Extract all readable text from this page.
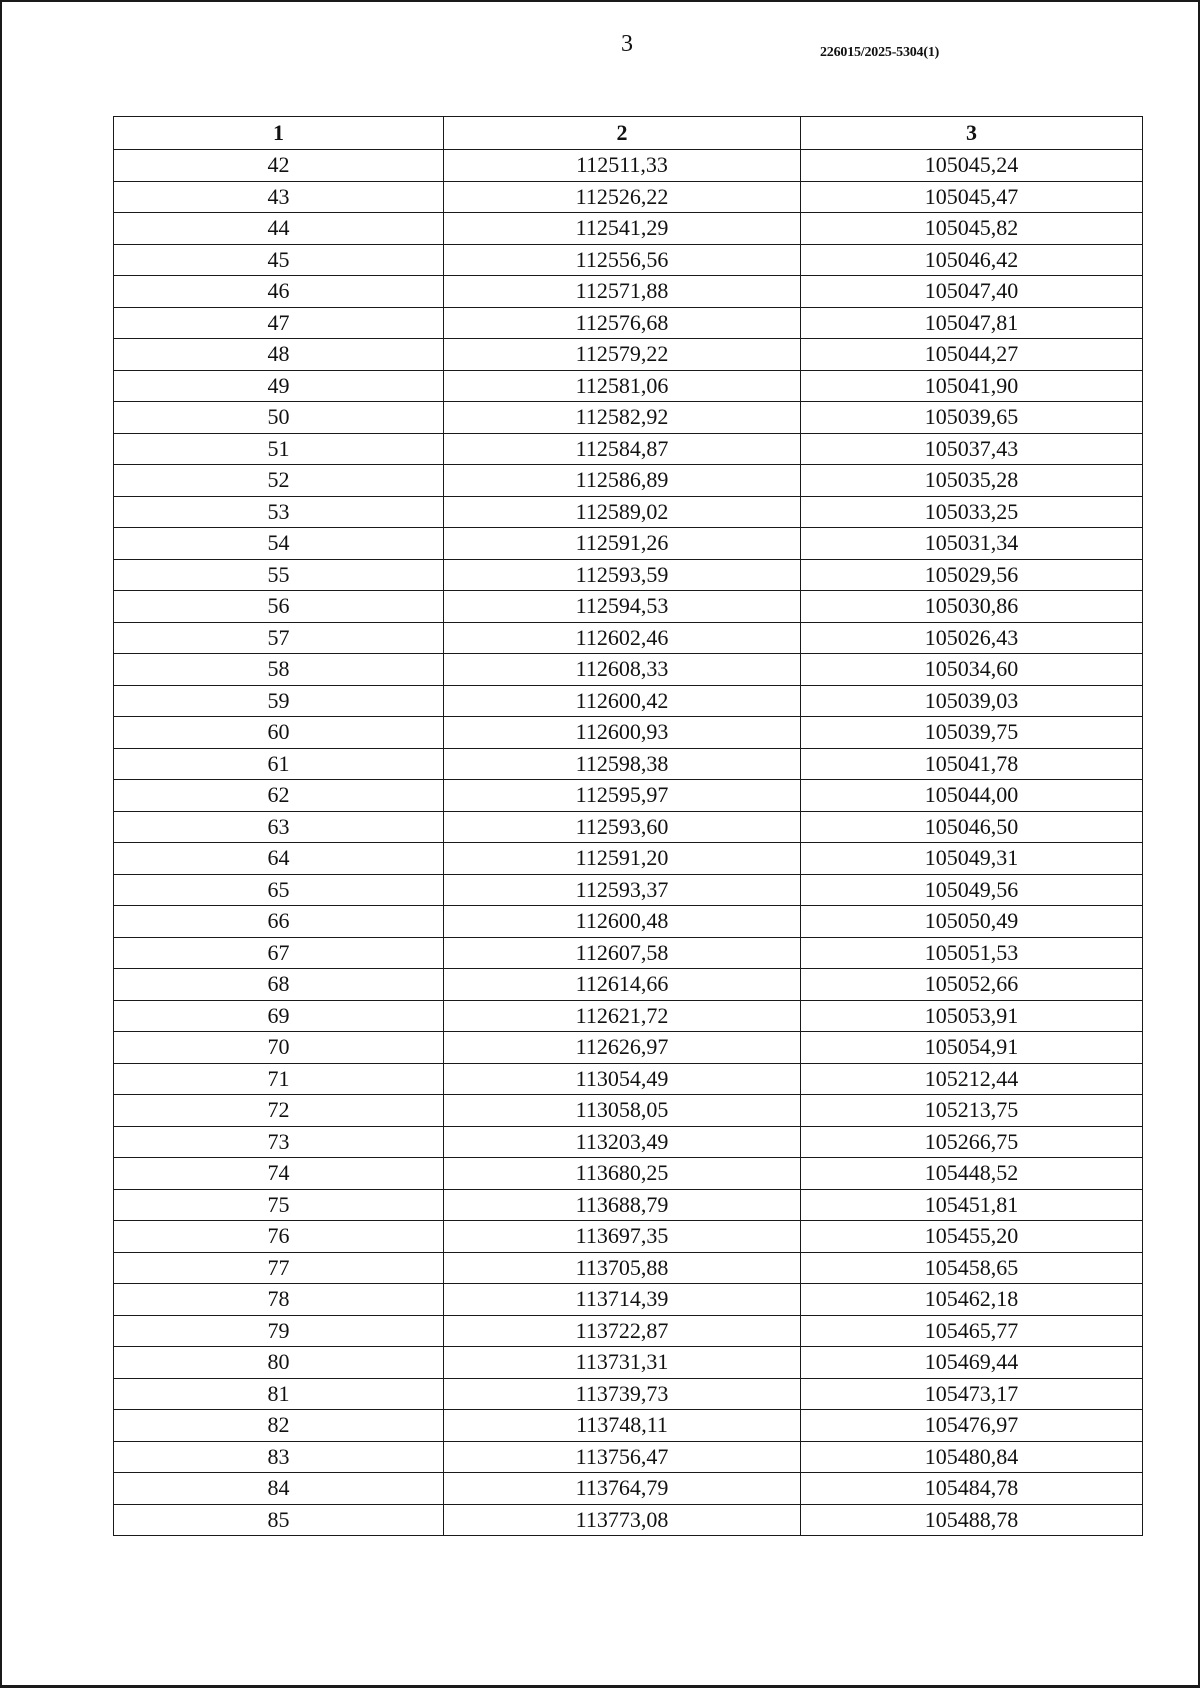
3	226015/2025-5304(1)
1	2	3
42	112511,33	105045,24
43	112526,22	105045,47
44	112541,29	105045,82
45	112556,56	105046,42
46	112571,88	105047,40
47	112576,68	105047,81
48	112579,22	105044,27
49	112581,06	105041,90
50	112582,92	105039,65
51	112584,87	105037,43
52	112586,89	105035,28
53	112589,02	105033,25
54	112591,26	105031,34
55	112593,59	105029,56
56	112594,53	105030,86
57	112602,46	105026,43
58	112608,33	105034,60
59	112600,42	105039,03
60	112600,93	105039,75
61	112598,38	105041,78
62	112595,97	105044,00
63	112593,60	105046,50
64	112591,20	105049,31
65	112593,37	105049,56
66	112600,48	105050,49
67	112607,58	105051,53
68	112614,66	105052,66
69	112621,72	105053,91
70	112626,97	105054,91
71	113054,49	105212,44
72	113058,05	105213,75
73	113203,49	105266,75
74	113680,25	105448,52
75	113688,79	105451,81
76	113697,35	105455,20
77	113705,88	105458,65
78	113714,39	105462,18
79	113722,87	105465,77
80	113731,31	105469,44
81	113739,73	105473,17
82	113748,11	105476,97
83	113756,47	105480,84
84	113764,79	105484,78
85	113773,08	105488,78
